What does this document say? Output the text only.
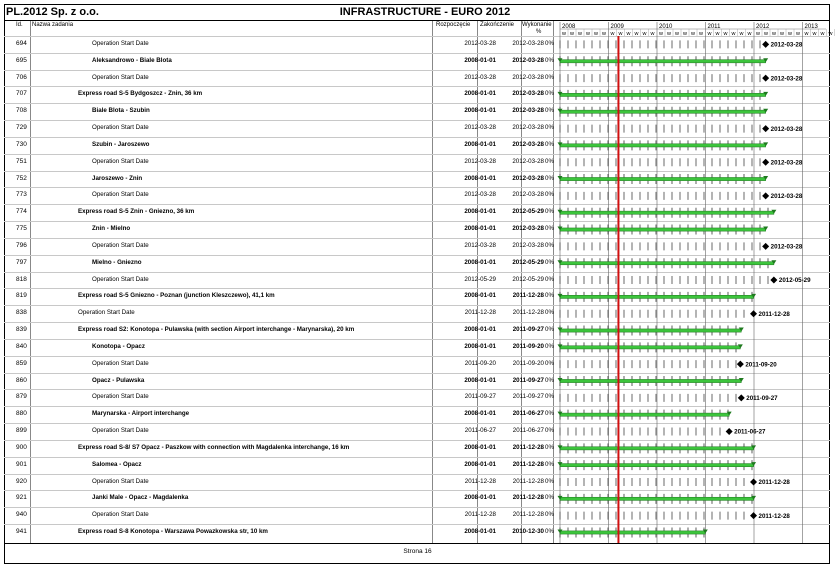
PL.2012 Sp. z o.o.	INFRASTRUCTURE - EURO 2012
Id. Nazwa zadania	Rozpoczęcie Zakończenie Wykonanie
%
694	Operation Start Date	2012-03-28	2012-03-28 0%
695	Aleksandrowo - Biale Blota	2008-01-01	2012-03-28 0%
706	Operation Start Date	2012-03-28	2012-03-28 0%
707	Express road S-5 Bydgoszcz - Znin, 36 km	2008-01-01	2012-03-28 0%
708	Biale Blota - Szubin	2008-01-01	2012-03-28 0%
729	Operation Start Date	2012-03-28	2012-03-28 0%
730	Szubin - Jaroszewo	2008-01-01	2012-03-28 0%
751	Operation Start Date	2012-03-28	2012-03-28 0%
752	Jaroszewo - Znin	2008-01-01	2012-03-28 0%
773	Operation Start Date	2012-03-28	2012-03-28 0%
774	Express road S-5 Znin - Gniezno, 36 km	2008-01-01	2012-05-29 0%
775	Znin - Mielno	2008-01-01	2012-03-28 0%
796	Operation Start Date	2012-03-28	2012-03-28 0%
797	Mielno - Gniezno	2008-01-01	2012-05-29 0%
818	Operation Start Date	2012-05-29	2012-05-29 0%
819	Express road S-5 Gniezno - Poznan (junction Kleszczewo), 41,1 km	2008-01-01	2011-12-28 0%
838	Operation Start Date	2011-12-28	2011-12-28 0%
839	Express road S2: Konotopa - Pulawska (with section Airport interchange - Marynarska), 20 km	2008-01-01	2011-09-27 0%
840	Konotopa - Opacz	2008-01-01	2011-09-20 0%
859	Operation Start Date	2011-09-20	2011-09-20 0%
860	Opacz - Pulawska	2008-01-01	2011-09-27 0%
879	Operation Start Date	2011-09-27	2011-09-27 0%
880	Marynarska - Airport interchange	2008-01-01	2011-06-27 0%
899	Operation Start Date	2011-06-27	2011-06-27 0%
900	Express road S-8/ S7 Opacz - Paszkow with connection with Magdalenka interchange, 16 km	2008-01-01	2011-12-28 0%
901	Salomea - Opacz	2008-01-01	2011-12-28 0%
920	Operation Start Date	2011-12-28	2011-12-28 0%
921	Janki Male - Opacz - Magdalenka	2008-01-01	2011-12-28 0%
940	Operation Start Date	2011-12-28	2011-12-28 0%
941	Express road S-8 Konotopa - Warszawa Powazkowska str, 10 km	2008-01-01	2010-12-30 0%
2008
w w w w w w
2009
w w w w w w
2010
w w w w w w
2011
w w w w w w
2012
w w w w w w
2013
w w w w
2012-03-28
2012-03-28
2012-03-28
2012-03-28
2012-03-28
2012-03-28
2012-05-29
2011-12-28
2011-09-20
2011-09-27
2011-06-27
2011-12-28
2011-12-28
Strona 16
